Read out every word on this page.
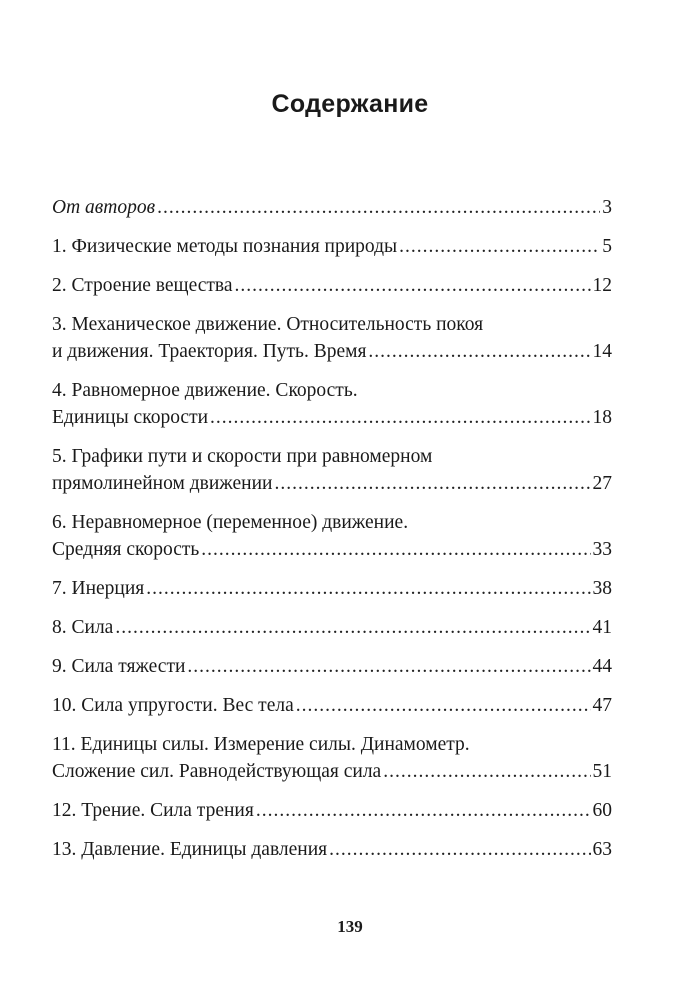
Содержание
От авторов .....	3
1. Физические методы познания природы .....	5
2. Строение вещества .....	12
3. Механическое движение. Относительность покоя
и движения. Траектория. Путь. Время .....	14
4. Равномерное движение. Скорость.
Единицы скорости .....	18
5. Графики пути и скорости при равномерном
прямолинейном движении .....	27
6. Неравномерное (переменное) движение.
Средняя скорость .....	33
7. Инерция .....	38
8. Сила .....	41
9. Сила тяжести .....	44
10. Сила упругости. Вес тела .....	47
11. Единицы силы. Измерение силы. Динамометр.
Сложение сил. Равнодействующая сила .....	51
12. Трение. Сила трения .....	60
13. Давление. Единицы давления .....	63
139
